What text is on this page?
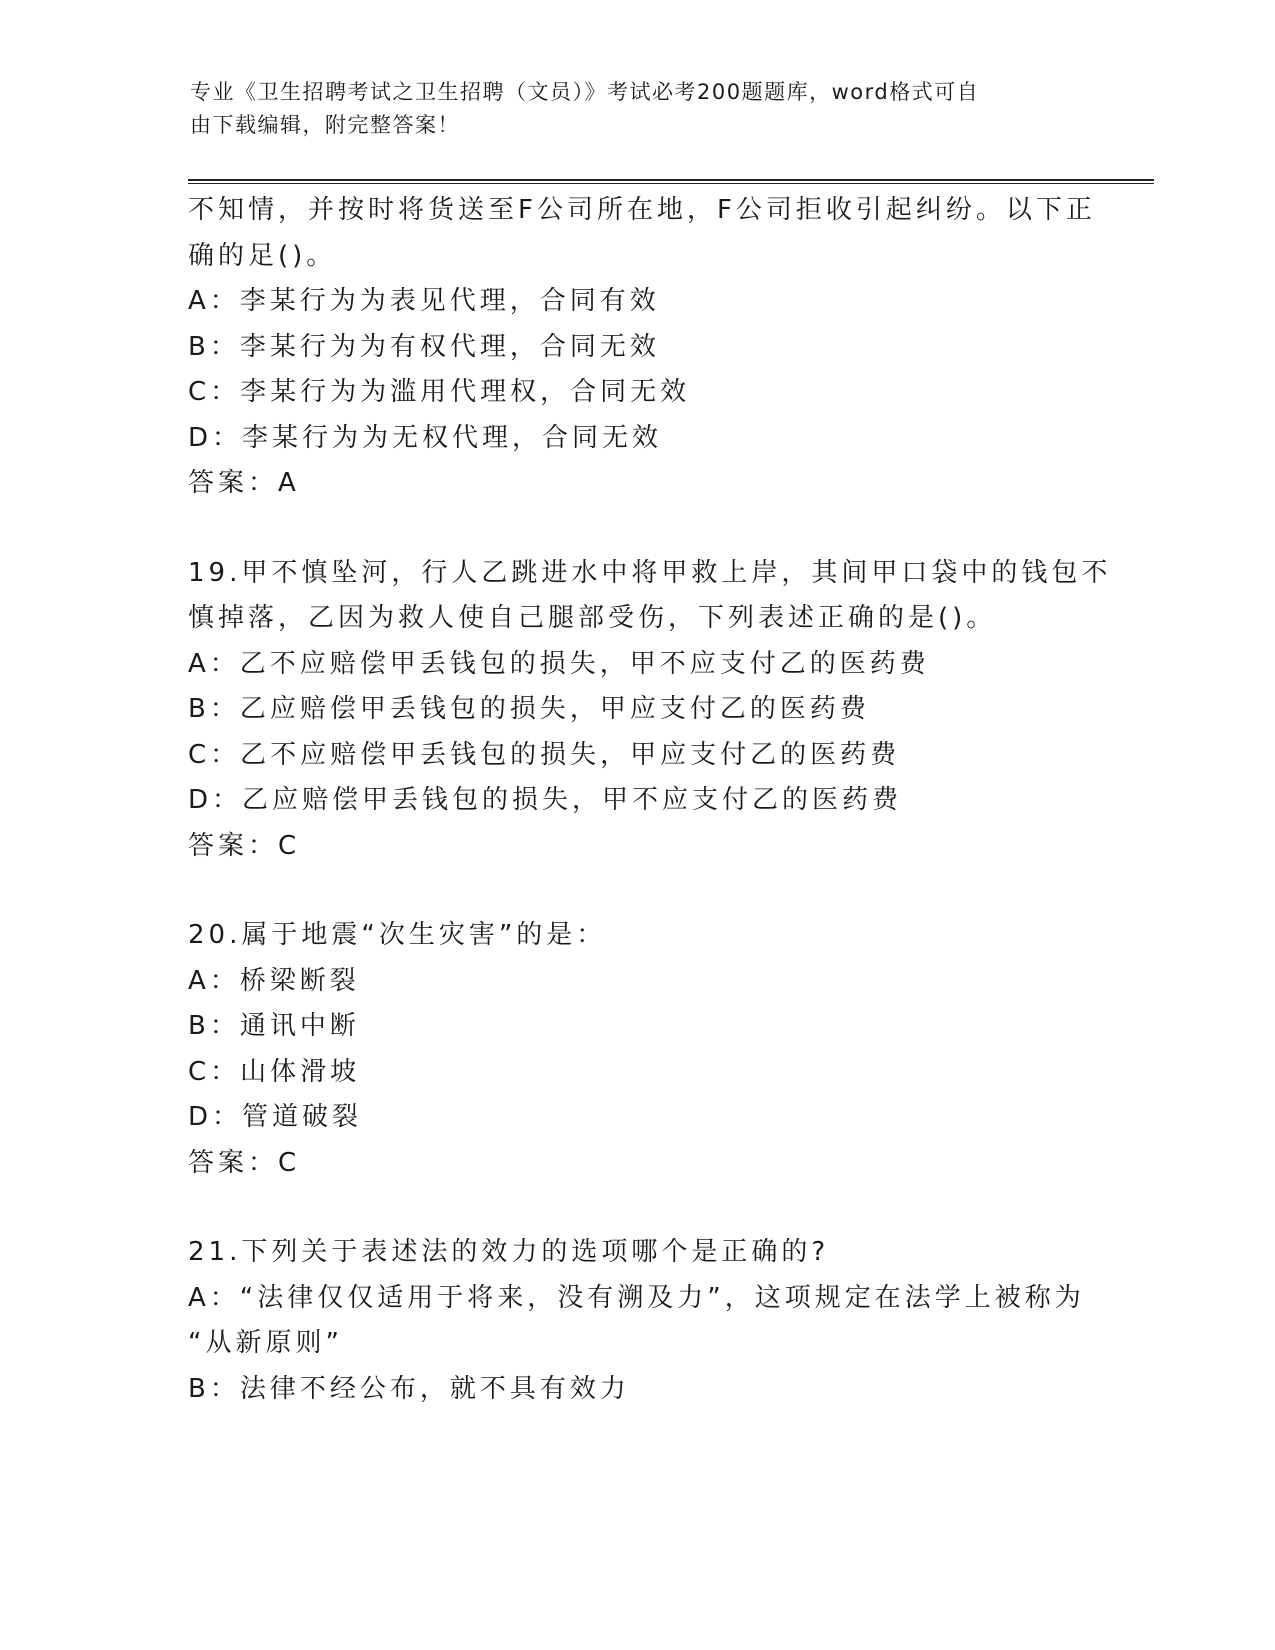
专业《卫生招聘考试之卫生招聘（文员）》考试必考200题题库，word格式可自
由下载编辑，附完整答案！
不知情，并按时将货送至F公司所在地，F公司拒收引起纠纷。以下正
确的足()。
A：李某行为为表见代理，合同有效
B：李某行为为有权代理，合同无效
C：李某行为为滥用代理权，合同无效
D：李某行为为无权代理，合同无效
答案：A
19.甲不慎坠河，行人乙跳进水中将甲救上岸，其间甲口袋中的钱包不
慎掉落，乙因为救人使自己腿部受伤，下列表述正确的是()。
A：乙不应赔偿甲丢钱包的损失，甲不应支付乙的医药费
B：乙应赔偿甲丢钱包的损失，甲应支付乙的医药费
C：乙不应赔偿甲丢钱包的损失，甲应支付乙的医药费
D：乙应赔偿甲丢钱包的损失，甲不应支付乙的医药费
答案：C
20.属于地震“次生灾害”的是：
A：桥梁断裂
B：通讯中断
C：山体滑坡
D：管道破裂
答案：C
21.下列关于表述法的效力的选项哪个是正确的?
A：“法律仅仅适用于将来，没有溯及力”，这项规定在法学上被称为
“从新原则”
B：法律不经公布，就不具有效力
